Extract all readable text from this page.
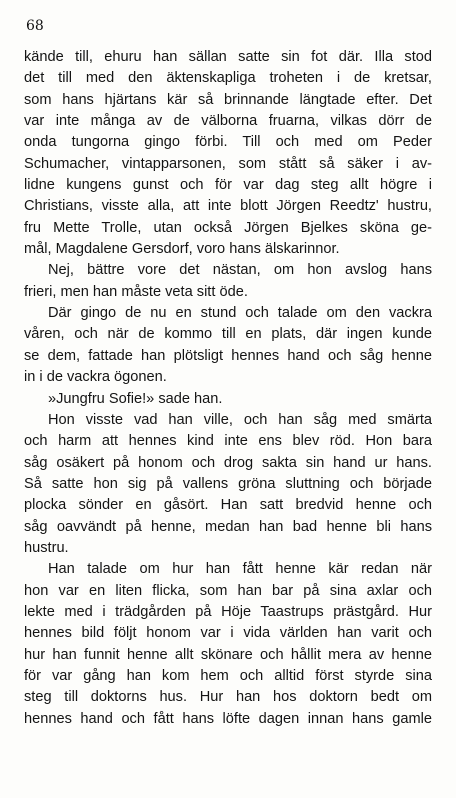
68
kände till, ehuru han sällan satte sin fot där. Illa stod
det till med den äktenskapliga troheten i de kretsar,
som hans hjärtans kär så brinnande längtade efter. Det
var inte många av de välborna fruarna, vilkas dörr de
onda tungorna gingo förbi. Till och med om Peder
Schumacher, vintapparsonen, som stått så säker i av-
lidne kungens gunst och för var dag steg allt högre i
Christians, visste alla, att inte blott Jörgen Reedtz' hustru,
fru Mette Trolle, utan också Jörgen Bjelkes sköna ge-
mål, Magdalene Gersdorf, voro hans älskarinnor.
Nej, bättre vore det nästan, om hon avslog hans
frieri, men han måste veta sitt öde.
Där gingo de nu en stund och talade om den vackra
våren, och när de kommo till en plats, där ingen kunde
se dem, fattade han plötsligt hennes hand och såg henne
in i de vackra ögonen.
»Jungfru Sofie!» sade han.
Hon visste vad han ville, och han såg med smärta
och harm att hennes kind inte ens blev röd. Hon bara
såg osäkert på honom och drog sakta sin hand ur hans.
Så satte hon sig på vallens gröna sluttning och började
plocka sönder en gåsört. Han satt bredvid henne och
såg oavvändt på henne, medan han bad henne bli hans
hustru.
Han talade om hur han fått henne kär redan när
hon var en liten flicka, som han bar på sina axlar och
lekte med i trädgården på Höje Taastrups prästgård. Hur
hennes bild följt honom var i vida världen han varit och
hur han funnit henne allt skönare och hållit mera av henne
för var gång han kom hem och alltid först styrde sina
steg till doktorns hus. Hur han hos doktorn bedt om
hennes hand och fått hans löfte dagen innan hans gamle
